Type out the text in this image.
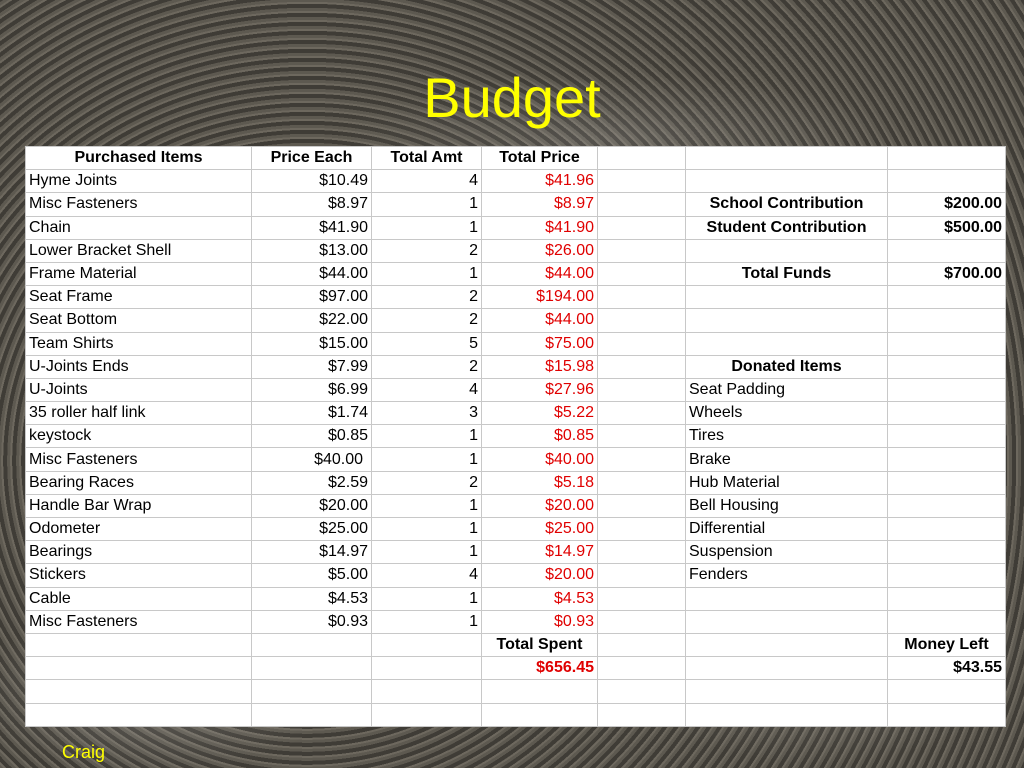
Budget
Purchased Items	Price Each	Total Amt	Total Price			
Hyme Joints	$10.49	4	$41.96			
Misc Fasteners	$8.97	1	$8.97		School Contribution	$200.00
Chain	$41.90	1	$41.90		Student Contribution	$500.00
Lower Bracket Shell	$13.00	2	$26.00			
Frame Material	$44.00	1	$44.00		Total Funds	$700.00
Seat Frame	$97.00	2	$194.00			
Seat Bottom	$22.00	2	$44.00			
Team Shirts	$15.00	5	$75.00			
U-Joints Ends	$7.99	2	$15.98		Donated Items	
U-Joints	$6.99	4	$27.96		Seat Padding	
35 roller half link	$1.74	3	$5.22		Wheels	
keystock	$0.85	1	$0.85		Tires	
Misc Fasteners	$40.00	1	$40.00		Brake	
Bearing Races	$2.59	2	$5.18		Hub Material	
Handle Bar Wrap	$20.00	1	$20.00		Bell Housing	
Odometer	$25.00	1	$25.00		Differential	
Bearings	$14.97	1	$14.97		Suspension	
Stickers	$5.00	4	$20.00		Fenders	
Cable	$4.53	1	$4.53			
Misc Fasteners	$0.93	1	$0.93			
			Total Spent			Money Left
			$656.45			$43.55

Craig
